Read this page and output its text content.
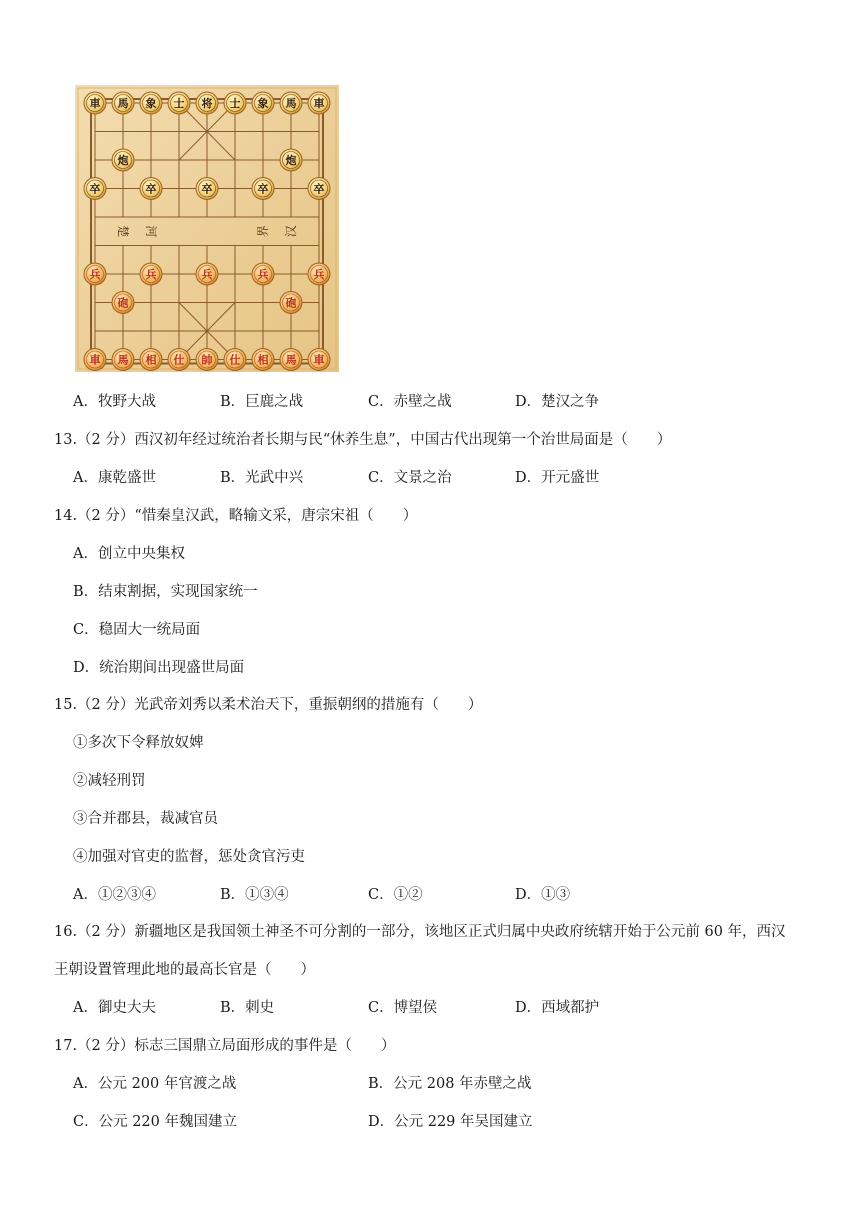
楚 河	汉
界
車 馬 象 士 将 士 象 馬 車
炮	炮
卒	卒	卒	卒	卒
兵	兵	兵	兵	兵
砲	砲
車 馬 相 仕 帥 仕 相 馬 車
A．牧野大战	B．巨鹿之战	C．赤壁之战	D．楚汉之争
13.（2 分）西汉初年经过统治者长期与民“休养生息”，中国古代出现第一个治世局面是（　　）
A．康乾盛世	B．光武中兴	C．文景之治	D．开元盛世
14.（2 分）“惜秦皇汉武，略输文采，唐宗宋祖（　　）
A．创立中央集权
B．结束割据，实现国家统一
C．稳固大一统局面
D．统治期间出现盛世局面
15.（2 分）光武帝刘秀以柔术治天下，重振朝纲的措施有（　　）
①多次下令释放奴婢
②减轻刑罚
③合并郡县，裁减官员
④加强对官吏的监督，惩处贪官污吏
A．①②③④	B．①③④	C．①②	D．①③
16.（2 分）新疆地区是我国领土神圣不可分割的一部分，该地区正式归属中央政府统辖开始于公元前 60 年，西汉
王朝设置管理此地的最高长官是（　　）
A．御史大夫	B．刺史	C．博望侯	D．西域都护
17.（2 分）标志三国鼎立局面形成的事件是（　　）
A．公元 200 年官渡之战	B．公元 208 年赤壁之战
C．公元 220 年魏国建立	D．公元 229 年吴国建立
